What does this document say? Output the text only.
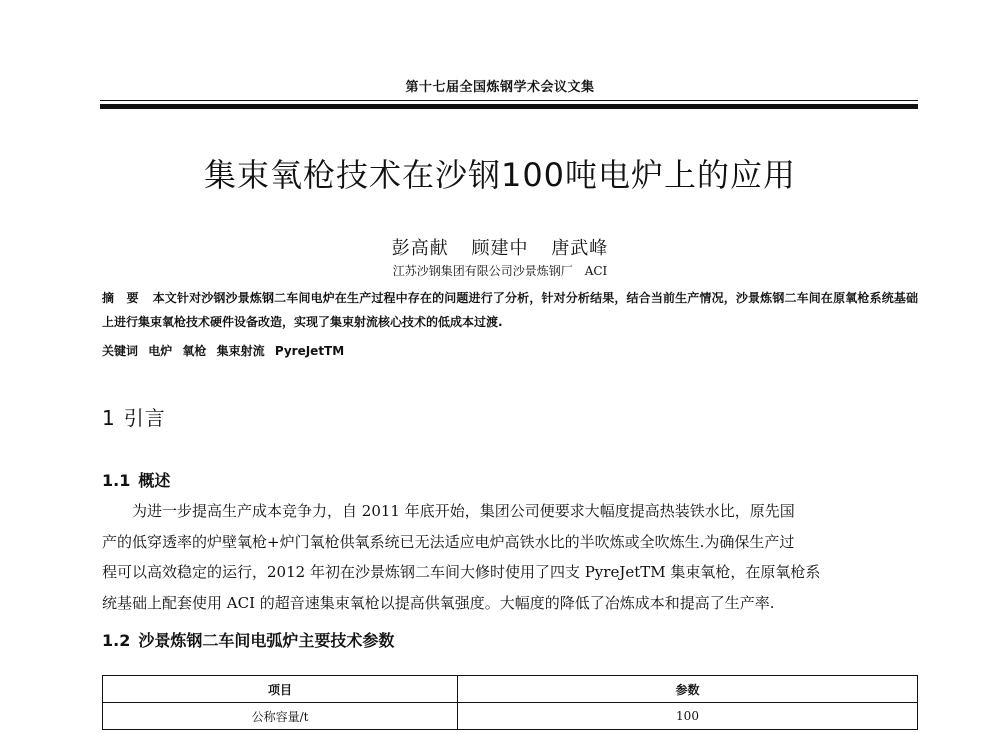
第十七届全国炼钢学术会议文集
集束氧枪技术在沙钢100吨电炉上的应用
彭高献 顾建中 唐武峰
江苏沙钢集团有限公司沙景炼钢厂　ACI
摘 要 本文针对沙钢沙景炼钢二车间电炉在生产过程中存在的问题进行了分析，针对分析结果，结合当前生产情况，沙景炼钢二车间在原氧枪系统基础上进行集束氧枪技术硬件设备改造，实现了集束射流核心技术的低成本过渡.
关键词 电炉 氧枪 集束射流 PyreJetTM
1 引言
1.1 概述
为进一步提高生产成本竞争力，自 2011 年底开始，集团公司便要求大幅度提高热装铁水比，原先国
产的低穿透率的炉壁氧枪+炉门氧枪供氧系统已无法适应电炉高铁水比的半吹炼或全吹炼生.为确保生产过
程可以高效稳定的运行，2012 年初在沙景炼钢二车间大修时使用了四支 PyreJetTM 集束氧枪，在原氧枪系
统基础上配套使用 ACI 的超音速集束氧枪以提高供氧强度。大幅度的降低了冶炼成本和提高了生产率.
1.2 沙景炼钢二车间电弧炉主要技术参数
项目	参数
公称容量/t	100
